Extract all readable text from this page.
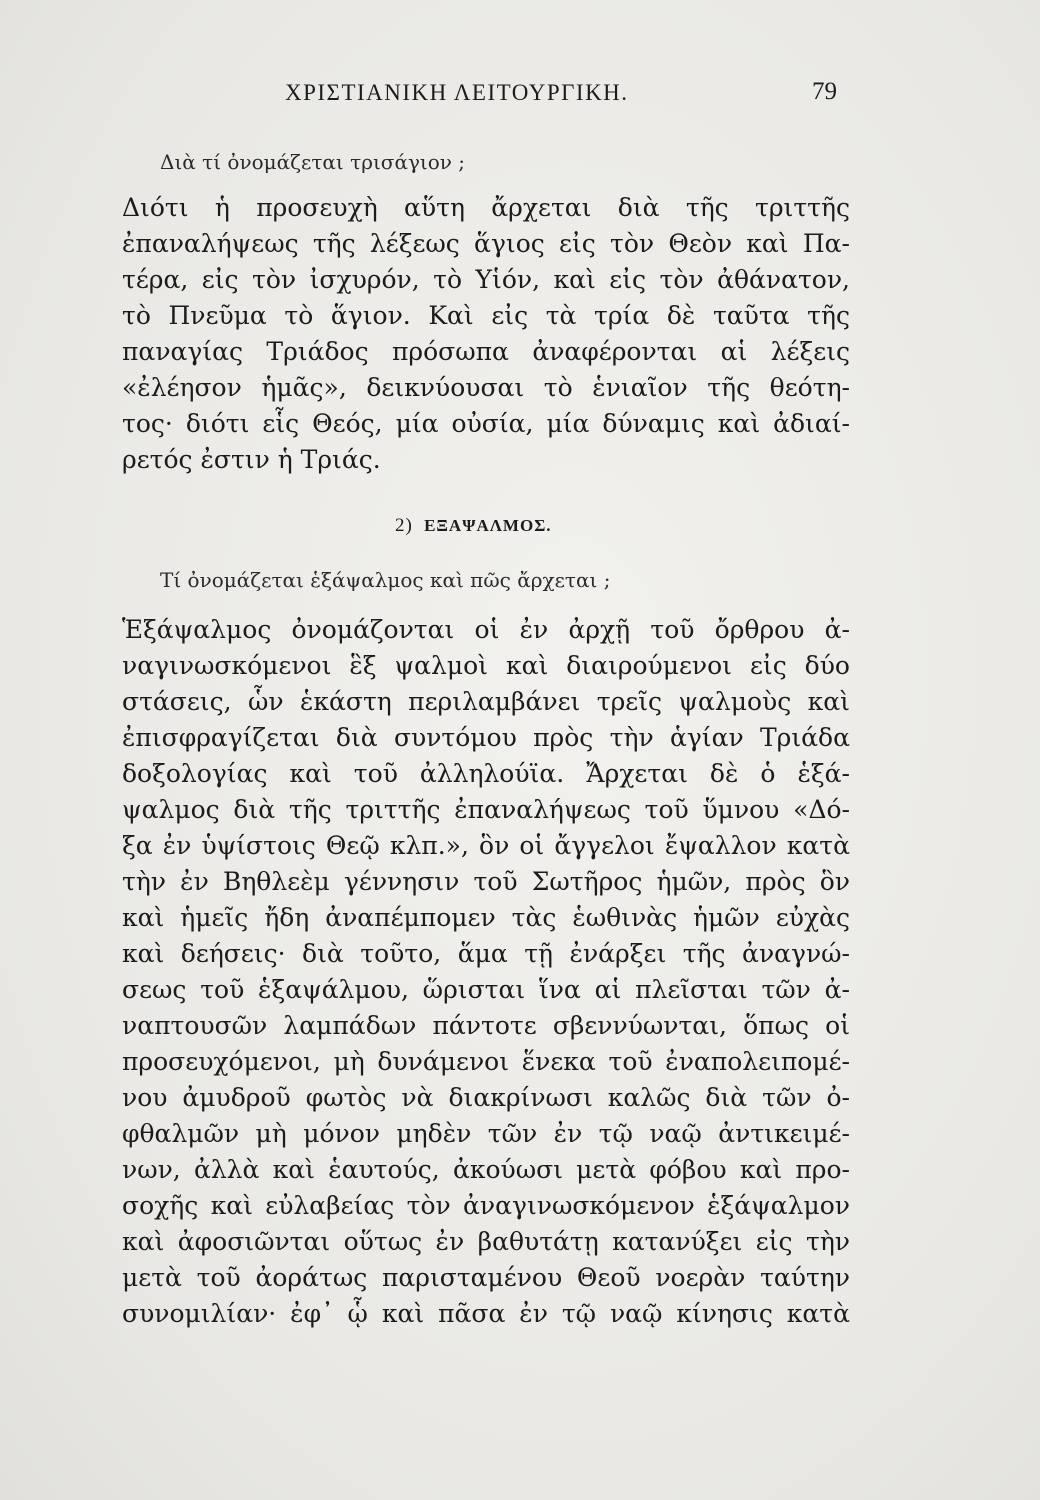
ΧΡΙΣΤΙΑΝΙΚΗ ΛΕΙΤΟΥΡΓΙΚΗ.	79
Διὰ τί ὀνομάζεται τρισάγιον ;
Διότι ἡ προσευχὴ αὕτη ἄρχεται διὰ τῆς τριττῆς
ἐπαναλήψεως τῆς λέξεως ἅγιος εἰς τὸν Θεὸν καὶ Πα-
τέρα, εἰς τὸν ἰσχυρόν, τὸ Υἱόν, καὶ εἰς τὸν ἀθάνατον,
τὸ Πνεῦμα τὸ ἅγιον. Καὶ εἰς τὰ τρία δὲ ταῦτα τῆς
παναγίας Τριάδος πρόσωπα ἀναφέρονται αἱ λέξεις
«ἐλέησον ἡμᾶς», δεικνύουσαι τὸ ἑνιαῖον τῆς θεότη-
τος· διότι εἷς Θεός, μία οὐσία, μία δύναμις καὶ ἀδιαί-
ρετός ἐστιν ἡ Τριάς.
2) ΕΞΑΨΑΛΜΟΣ.
Τί ὀνομάζεται ἑξάψαλμος καὶ πῶς ἄρχεται ;
Ἑξάψαλμος ὀνομάζονται οἱ ἐν ἀρχῇ τοῦ ὄρθρου ἀ-
ναγινωσκόμενοι ἓξ ψαλμοὶ καὶ διαιρούμενοι εἰς δύο
στάσεις, ὧν ἑκάστη περιλαμβάνει τρεῖς ψαλμοὺς καὶ
ἐπισφραγίζεται διὰ συντόμου πρὸς τὴν ἁγίαν Τριάδα
δοξολογίας καὶ τοῦ ἀλληλούϊα. Ἄρχεται δὲ ὁ ἑξά-
ψαλμος διὰ τῆς τριττῆς ἐπαναλήψεως τοῦ ὕμνου «Δό-
ξα ἐν ὑψίστοις Θεῷ κλπ.», ὃν οἱ ἄγγελοι ἔψαλλον κατὰ
τὴν ἐν Βηθλεὲμ γέννησιν τοῦ Σωτῆρος ἡμῶν, πρὸς ὃν
καὶ ἡμεῖς ἤδη ἀναπέμπομεν τὰς ἑωθινὰς ἡμῶν εὐχὰς
καὶ δεήσεις· διὰ τοῦτο, ἅμα τῇ ἐνάρξει τῆς ἀναγνώ-
σεως τοῦ ἑξαψάλμου, ὥρισται ἵνα αἱ πλεῖσται τῶν ἀ-
ναπτουσῶν λαμπάδων πάντοτε σβεννύωνται, ὅπως οἱ
προσευχόμενοι, μὴ δυνάμενοι ἕνεκα τοῦ ἐναπολειπομέ-
νου ἀμυδροῦ φωτὸς νὰ διακρίνωσι καλῶς διὰ τῶν ὀ-
φθαλμῶν μὴ μόνον μηδὲν τῶν ἐν τῷ ναῷ ἀντικειμέ-
νων, ἀλλὰ καὶ ἑαυτούς, ἀκούωσι μετὰ φόβου καὶ προ-
σοχῆς καὶ εὐλαβείας τὸν ἀναγινωσκόμενον ἑξάψαλμον
καὶ ἀφοσιῶνται οὕτως ἐν βαθυτάτῃ κατανύξει εἰς τὴν
μετὰ τοῦ ἀοράτως παρισταμένου Θεοῦ νοερὰν ταύτην
συνομιλίαν· ἐφ᾽ ᾧ καὶ πᾶσα ἐν τῷ ναῷ κίνησις κατὰ
